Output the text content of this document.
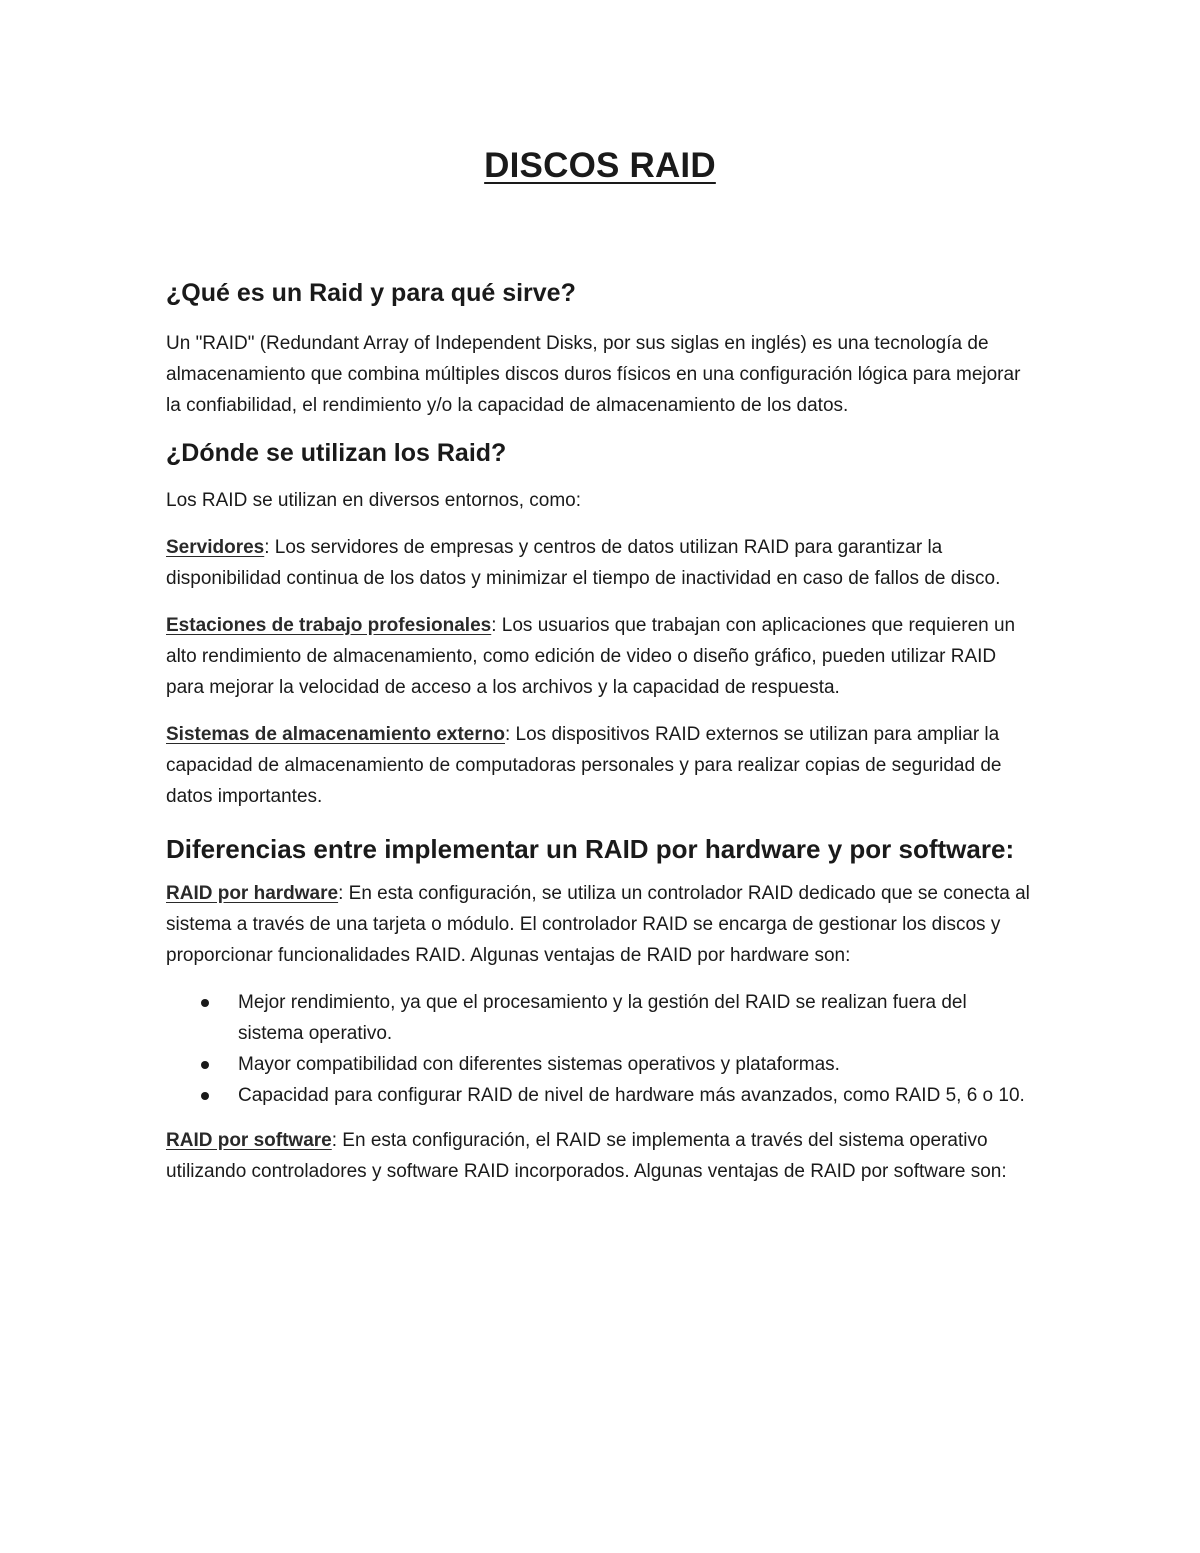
DISCOS RAID
¿Qué es un Raid y para qué sirve?

Un "RAID" (Redundant Array of Independent Disks, por sus siglas en inglés) es una tecnología de almacenamiento que combina múltiples discos duros físicos en una configuración lógica para mejorar la confiabilidad, el rendimiento y/o la capacidad de almacenamiento de los datos.

¿Dónde se utilizan los Raid?

Los RAID se utilizan en diversos entornos, como:

Servidores: Los servidores de empresas y centros de datos utilizan RAID para garantizar la disponibilidad continua de los datos y minimizar el tiempo de inactividad en caso de fallos de disco.

Estaciones de trabajo profesionales: Los usuarios que trabajan con aplicaciones que requieren un alto rendimiento de almacenamiento, como edición de video o diseño gráfico, pueden utilizar RAID para mejorar la velocidad de acceso a los archivos y la capacidad de respuesta.

Sistemas de almacenamiento externo: Los dispositivos RAID externos se utilizan para ampliar la capacidad de almacenamiento de computadoras personales y para realizar copias de seguridad de datos importantes.

Diferencias entre implementar un RAID por hardware y por software:

RAID por hardware: En esta configuración, se utiliza un controlador RAID dedicado que se conecta al sistema a través de una tarjeta o módulo. El controlador RAID se encarga de gestionar los discos y proporcionar funcionalidades RAID. Algunas ventajas de RAID por hardware son:

Mejor rendimiento, ya que el procesamiento y la gestión del RAID se realizan fuera del sistema operativo.
Mayor compatibilidad con diferentes sistemas operativos y plataformas.
Capacidad para configurar RAID de nivel de hardware más avanzados, como RAID 5, 6 o 10.

RAID por software: En esta configuración, el RAID se implementa a través del sistema operativo utilizando controladores y software RAID incorporados. Algunas ventajas de RAID por software son:
